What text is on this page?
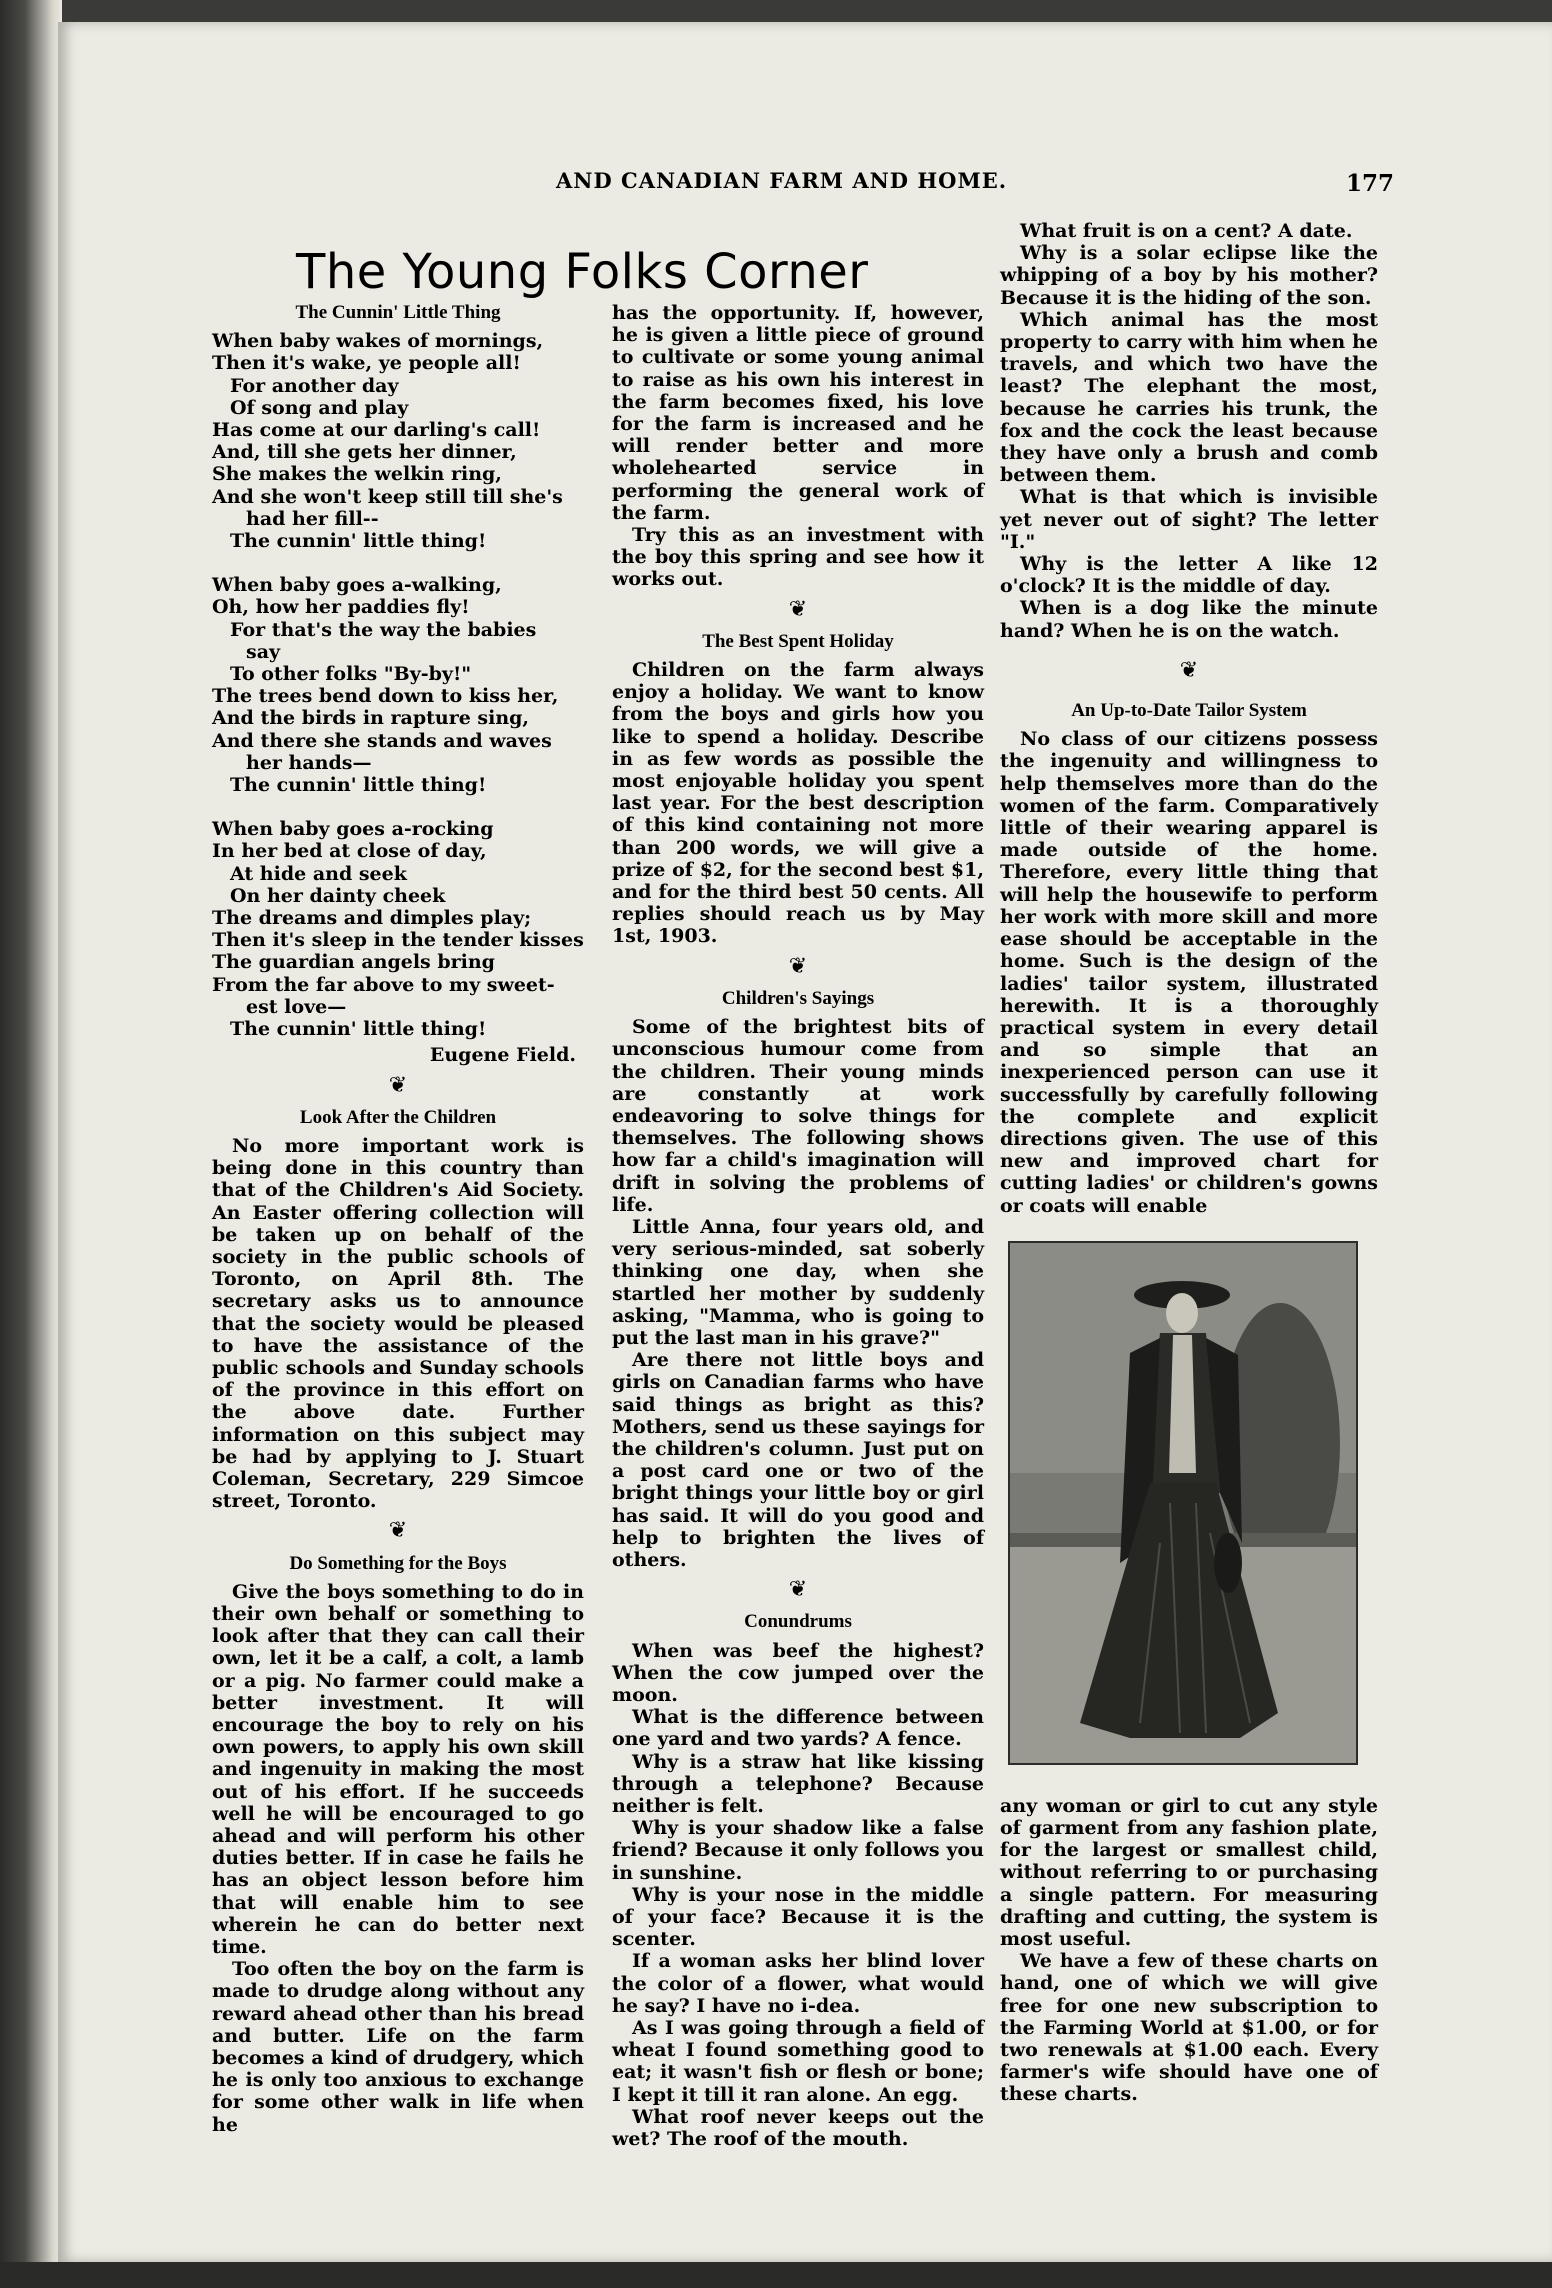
AND CANADIAN FARM AND HOME.	177
The Young Folks Corner
The Cunnin' Little Thing
When baby wakes of mornings,
Then it's wake, ye people all!
For another day
Of song and play
Has come at our darling's call!
And, till she gets her dinner,
She makes the welkin ring,
And she won't keep still till she's
had her fill--
The cunnin' little thing!
When baby goes a-walking,
Oh, how her paddies fly!
For that's the way the babies
say
To other folks "By-by!"
The trees bend down to kiss her,
And the birds in rapture sing,
And there she stands and waves
her hands—
The cunnin' little thing!
When baby goes a-rocking
In her bed at close of day,
At hide and seek
On her dainty cheek
The dreams and dimples play;
Then it's sleep in the tender kisses
The guardian angels bring
From the far above to my sweet-
est love—
The cunnin' little thing!
Eugene Field.
❦
Look After the Children

No more important work is being done in this country than that of the Children's Aid Society. An Easter offering collection will be taken up on behalf of the society in the public schools of Toronto, on April 8th. The secretary asks us to announce that the society would be pleased to have the assistance of the public schools and Sunday schools of the province in this effort on the above date. Further information on this subject may be had by applying to J. Stuart Coleman, Secretary, 229 Simcoe street, Toronto.

❦
Do Something for the Boys

Give the boys something to do in their own behalf or something to look after that they can call their own, let it be a calf, a colt, a lamb or a pig. No farmer could make a better investment. It will encourage the boy to rely on his own powers, to apply his own skill and ingenuity in making the most out of his effort. If he succeeds well he will be encouraged to go ahead and will perform his other duties better. If in case he fails he has an object lesson before him that will enable him to see wherein he can do better next time.

Too often the boy on the farm is made to drudge along without any reward ahead other than his bread and butter. Life on the farm becomes a kind of drudgery, which he is only too anxious to exchange for some other walk in life when he

has the opportunity. If, however, he is given a little piece of ground to cultivate or some young animal to raise as his own his interest in the farm becomes fixed, his love for the farm is increased and he will render better and more wholehearted service in performing the general work of the farm.

Try this as an investment with the boy this spring and see how it works out.

❦
The Best Spent Holiday

Children on the farm always enjoy a holiday. We want to know from the boys and girls how you like to spend a holiday. Describe in as few words as possible the most enjoyable holiday you spent last year. For the best description of this kind containing not more than 200 words, we will give a prize of $2, for the second best $1, and for the third best 50 cents. All replies should reach us by May 1st, 1903.

❦
Children's Sayings

Some of the brightest bits of unconscious humour come from the children. Their young minds are constantly at work endeavoring to solve things for themselves. The following shows how far a child's imagination will drift in solving the problems of life.

Little Anna, four years old, and very serious-minded, sat soberly thinking one day, when she startled her mother by suddenly asking, "Mamma, who is going to put the last man in his grave?"

Are there not little boys and girls on Canadian farms who have said things as bright as this? Mothers, send us these sayings for the children's column. Just put on a post card one or two of the bright things your little boy or girl has said. It will do you good and help to brighten the lives of others.

❦
Conundrums

When was beef the highest? When the cow jumped over the moon.

What is the difference between one yard and two yards? A fence.

Why is a straw hat like kissing through a telephone? Because neither is felt.

Why is your shadow like a false friend? Because it only follows you in sunshine.

Why is your nose in the middle of your face? Because it is the scenter.

If a woman asks her blind lover the color of a flower, what would he say? I have no i-dea.

As I was going through a field of wheat I found something good to eat; it wasn't fish or flesh or bone; I kept it till it ran alone. An egg.

What roof never keeps out the wet? The roof of the mouth.

What fruit is on a cent? A date.

Why is a solar eclipse like the whipping of a boy by his mother? Because it is the hiding of the son.

Which animal has the most property to carry with him when he travels, and which two have the least? The elephant the most, because he carries his trunk, the fox and the cock the least because they have only a brush and comb between them.

What is that which is invisible yet never out of sight? The letter "I."

Why is the letter A like 12 o'clock? It is the middle of day.

When is a dog like the minute hand? When he is on the watch.

❦
An Up-to-Date Tailor System

No class of our citizens possess the ingenuity and willingness to help themselves more than do the women of the farm. Comparatively little of their wearing apparel is made outside of the home. Therefore, every little thing that will help the housewife to perform her work with more skill and more ease should be acceptable in the home. Such is the design of the ladies' tailor system, illustrated herewith. It is a thoroughly practical system in every detail and so simple that an inexperienced person can use it successfully by carefully following the complete and explicit directions given. The use of this new and improved chart for cutting ladies' or children's gowns or coats will enable

any woman or girl to cut any style of garment from any fashion plate, for the largest or smallest child, without referring to or purchasing a single pattern. For measuring drafting and cutting, the system is most useful.

We have a few of these charts on hand, one of which we will give free for one new subscription to the Farming World at $1.00, or for two renewals at $1.00 each. Every farmer's wife should have one of these charts.
